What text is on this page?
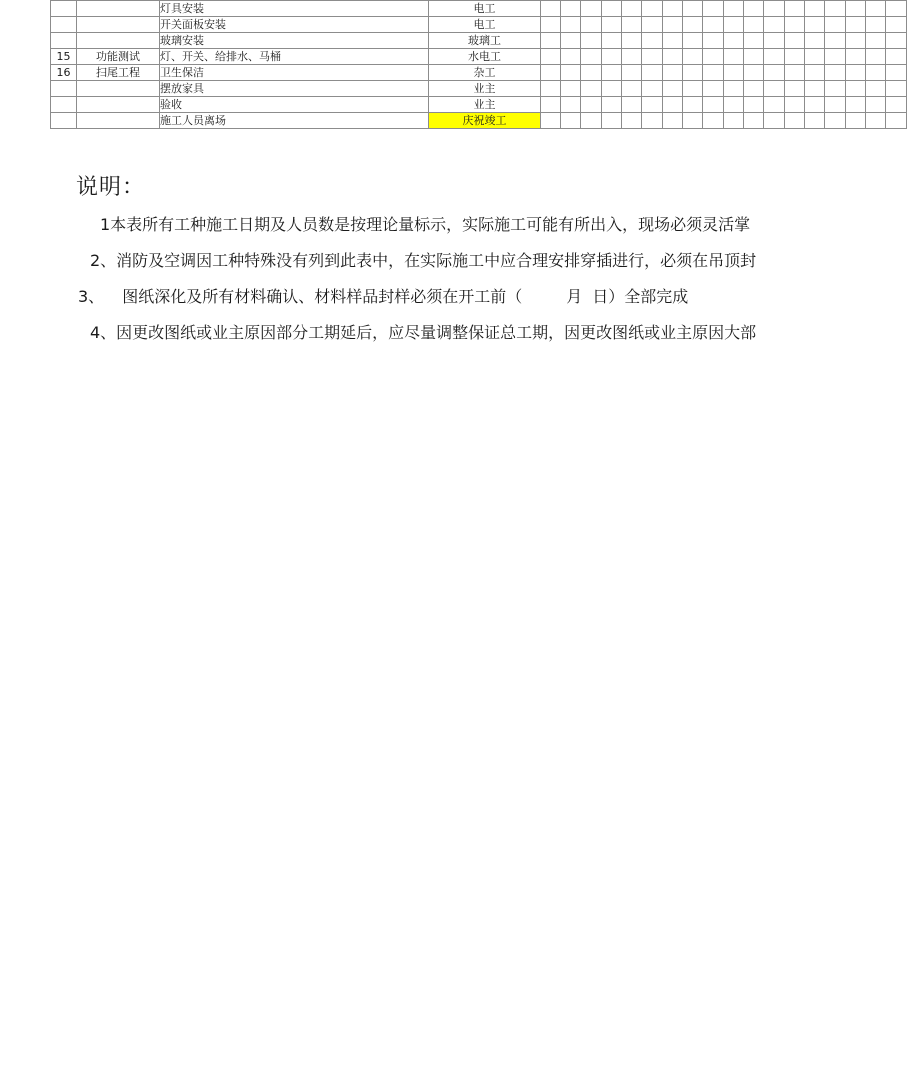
		灯具安装	电工																		
		开关面板安装	电工																		
		玻璃安装	玻璃工																		
15	功能测试	灯、开关、给排水、马桶	水电工																		
16	扫尾工程	卫生保洁	杂工																		
		摆放家具	业主																		
		验收	业主																		
		施工人员离场	庆祝竣工																		
说明：
1本表所有工种施工日期及人员数是按理论量标示，实际施工可能有所出入，现场必须灵活掌
2、消防及空调因工种特殊没有列到此表中，在实际施工中应合理安排穿插进行，必须在吊顶封
3、 图纸深化及所有材料确认、材料样品封样必须在开工前（	月 日）全部完成
4、因更改图纸或业主原因部分工期延后，应尽量调整保证总工期，因更改图纸或业主原因大部
